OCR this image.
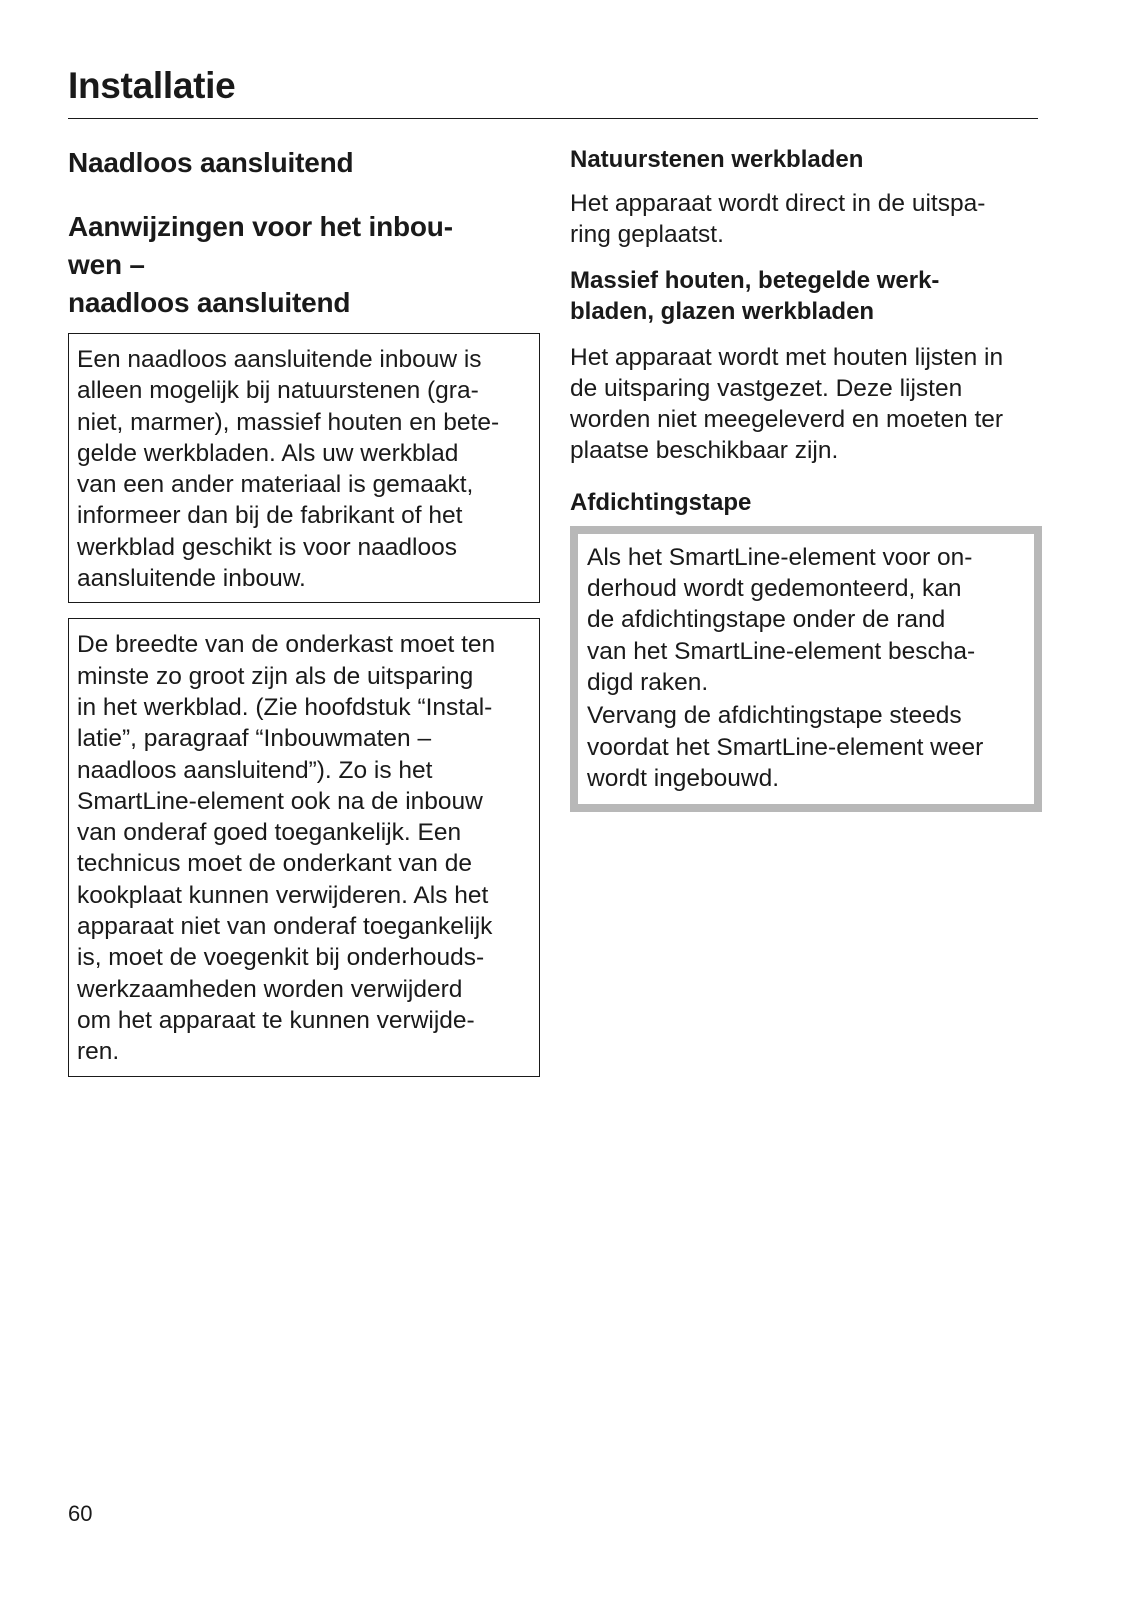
Installatie
Naadloos aansluitend
Aanwijzingen voor het inbou-
wen –
naadloos aansluitend

Een naadloos aansluitende inbouw is
alleen mogelijk bij natuurstenen (gra-
niet, marmer), massief houten en bete-
gelde werkbladen. Als uw werkblad
van een ander materiaal is gemaakt,
informeer dan bij de fabrikant of het
werkblad geschikt is voor naadloos
aansluitende inbouw.

De breedte van de onderkast moet ten
minste zo groot zijn als de uitsparing
in het werkblad. (Zie hoofdstuk “Instal-
latie”, paragraaf “Inbouwmaten –
naadloos aansluitend”). Zo is het
SmartLine-element ook na de inbouw
van onderaf goed toegankelijk. Een
technicus moet de onderkant van de
kookplaat kunnen verwijderen. Als het
apparaat niet van onderaf toegankelijk
is, moet de voegenkit bij onderhouds-
werkzaamheden worden verwijderd
om het apparaat te kunnen verwijde-
ren.

Natuurstenen werkbladen

Het apparaat wordt direct in de uitspa-
ring geplaatst.

Massief houten, betegelde werk-
bladen, glazen werkbladen

Het apparaat wordt met houten lijsten in
de uitsparing vastgezet. Deze lijsten
worden niet meegeleverd en moeten ter
plaatse beschikbaar zijn.

Afdichtingstape

Als het SmartLine-element voor on-
derhoud wordt gedemonteerd, kan
de afdichtingstape onder de rand
van het SmartLine-element bescha-
digd raken.

Vervang de afdichtingstape steeds
voordat het SmartLine-element weer
wordt ingebouwd.

60
